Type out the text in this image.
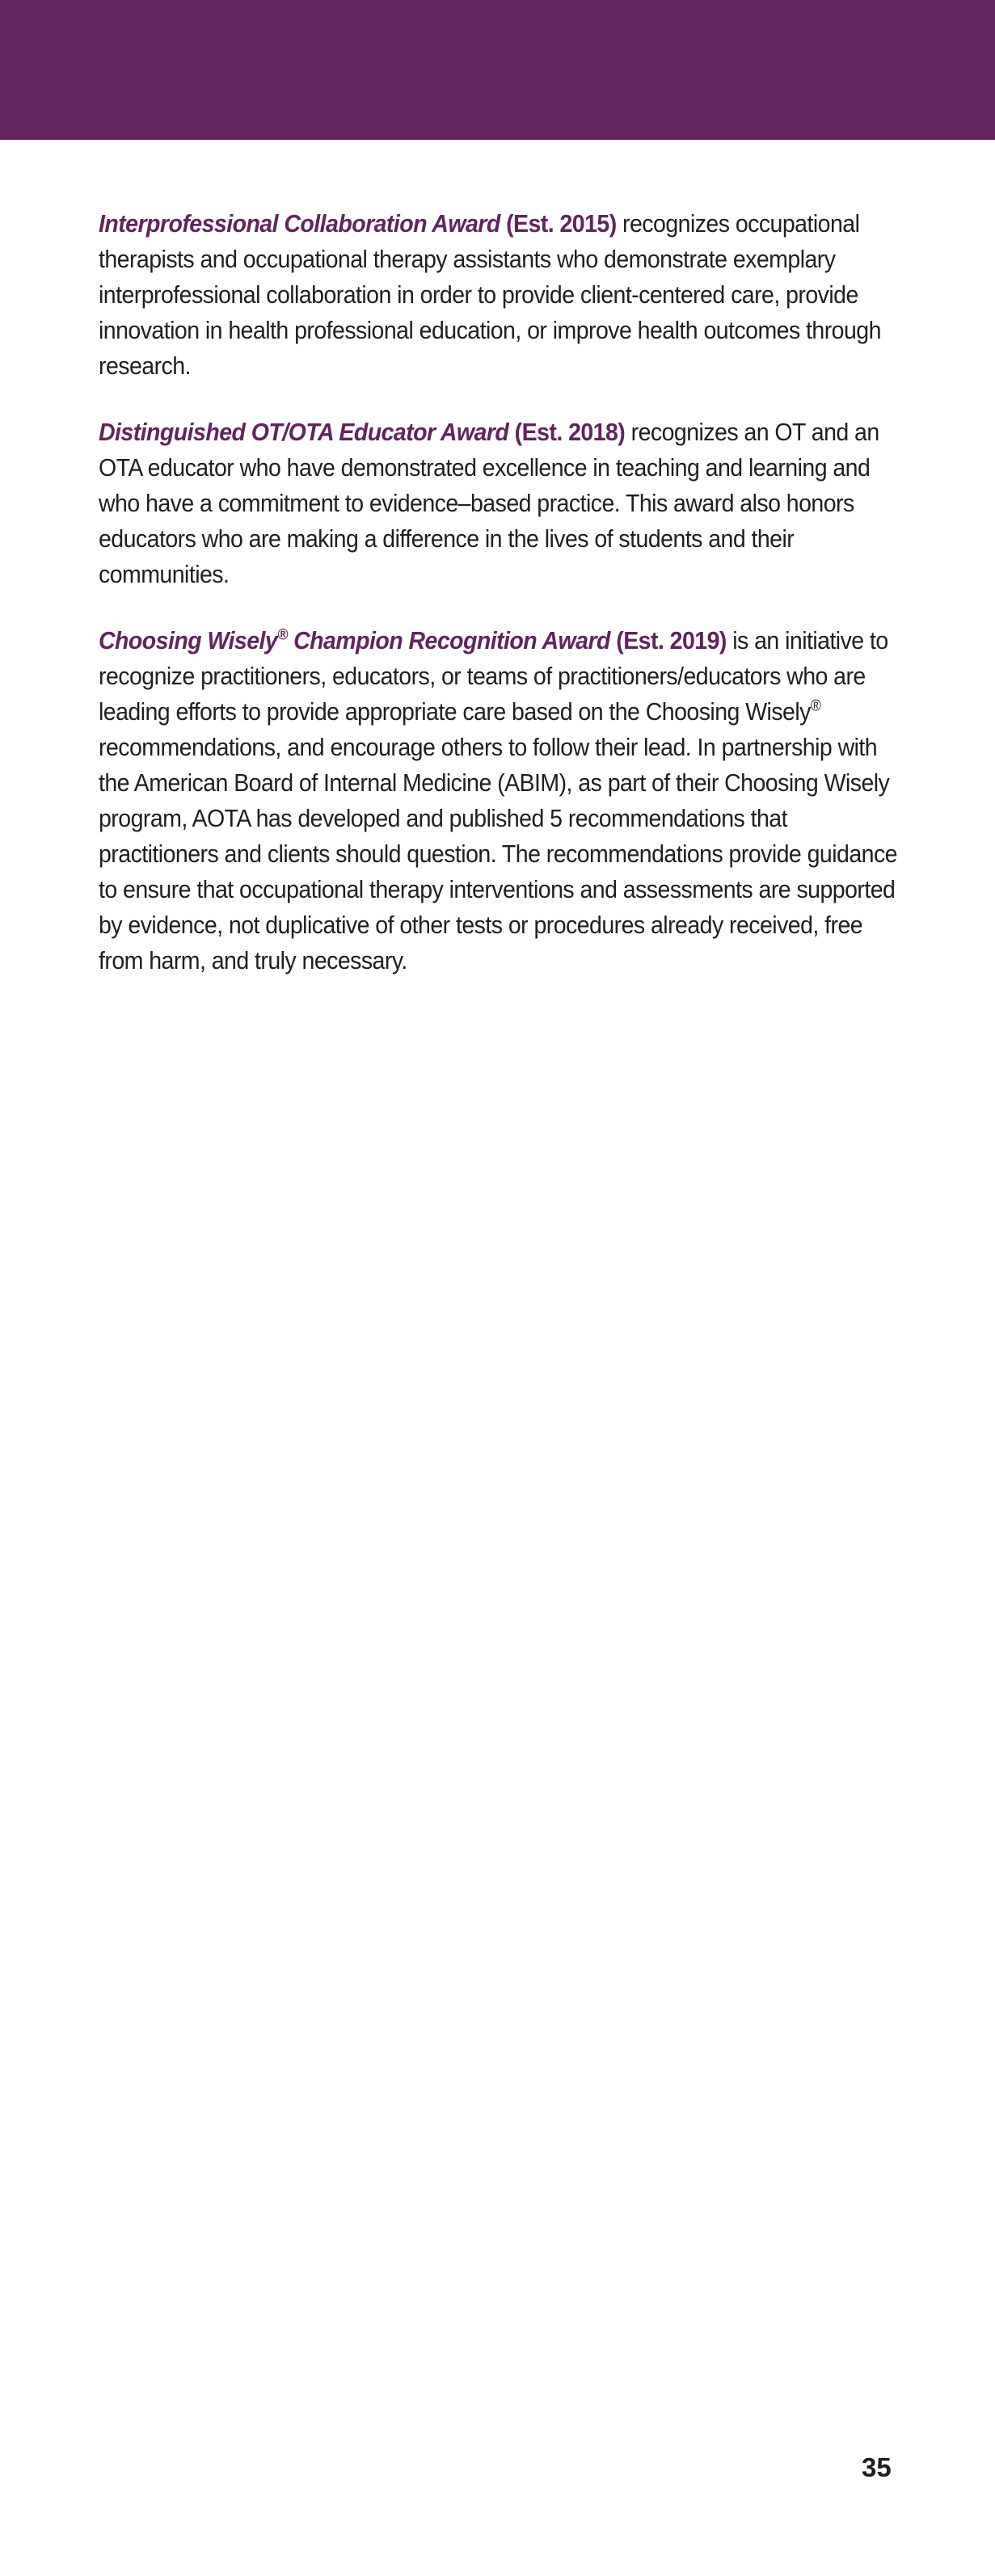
Interprofessional Collaboration Award (Est. 2015) recognizes occupational therapists and occupational therapy assistants who demonstrate exemplary interprofessional collaboration in order to provide client-centered care, provide innovation in health professional education, or improve health outcomes through research.

Distinguished OT/OTA Educator Award (Est. 2018) recognizes an OT and an OTA educator who have demonstrated excellence in teaching and learning and who have a commitment to evidence–based practice. This award also honors educators who are making a difference in the lives of students and their communities.

Choosing Wisely® Champion Recognition Award (Est. 2019) is an initiative to recognize practitioners, educators, or teams of practitioners/educators who are leading efforts to provide appropriate care based on the Choosing Wisely® recommendations, and encourage others to follow their lead. In partnership with the American Board of Internal Medicine (ABIM), as part of their Choosing Wisely program, AOTA has developed and published 5 recommendations that practitioners and clients should question. The recommendations provide guidance to ensure that occupational therapy interventions and assessments are supported by evidence, not duplicative of other tests or procedures already received, free from harm, and truly necessary.

35
